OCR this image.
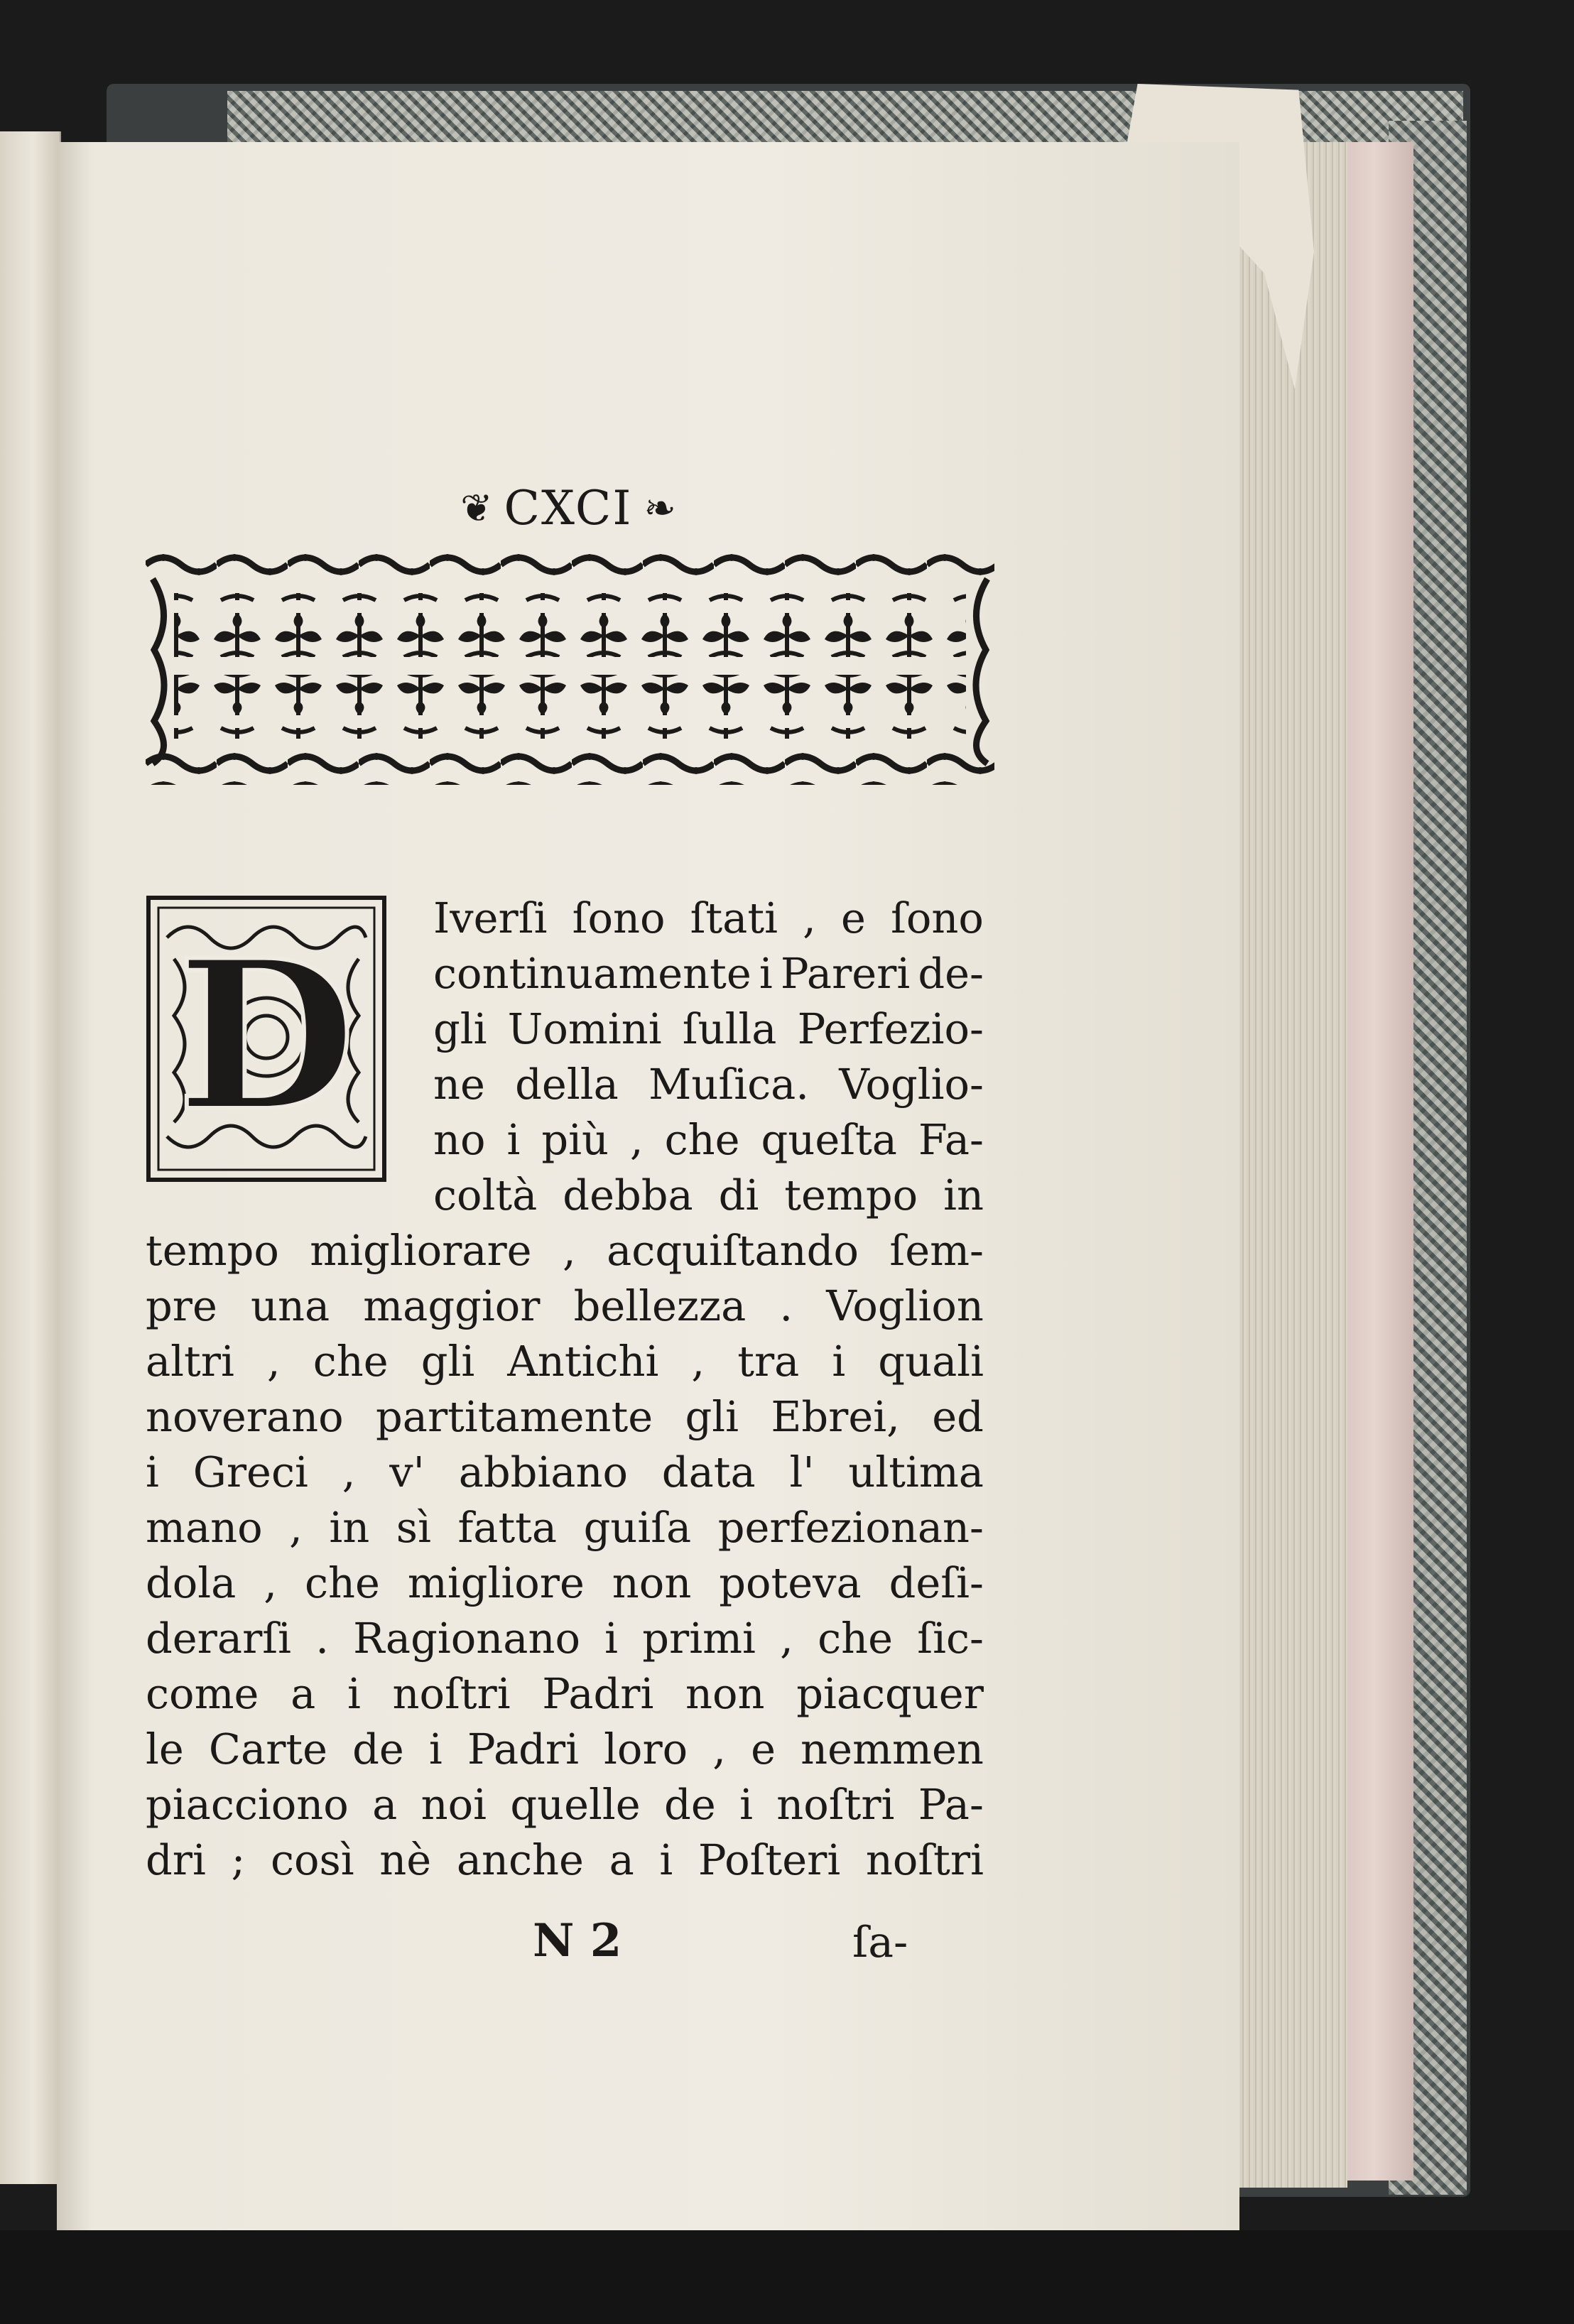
❦ CXCI ❧
D Iverſi ſono ſtati , e ſono
continuamente i Pareri de-
gli Uomini ſulla Perfezio-
ne della Muſica. Voglio-
no i più , che queſta Fa-
coltà debba di tempo in
tempo migliorare , acquiſtando ſem-
pre una maggior bellezza . Voglion
altri , che gli Antichi , tra i quali
noverano partitamente gli Ebrei, ed
i Greci , v' abbiano data l' ultima
mano , in sì fatta guiſa perfezionan-
dola , che migliore non poteva deſi-
derarſi . Ragionano i primi , che ſic-
come a i noſtri Padri non piacquer
le Carte de i Padri loro , e nemmen
piacciono a noi quelle de i noſtri Pa-
dri ; così nè anche a i Poſteri noſtri
N 2	ſa-
